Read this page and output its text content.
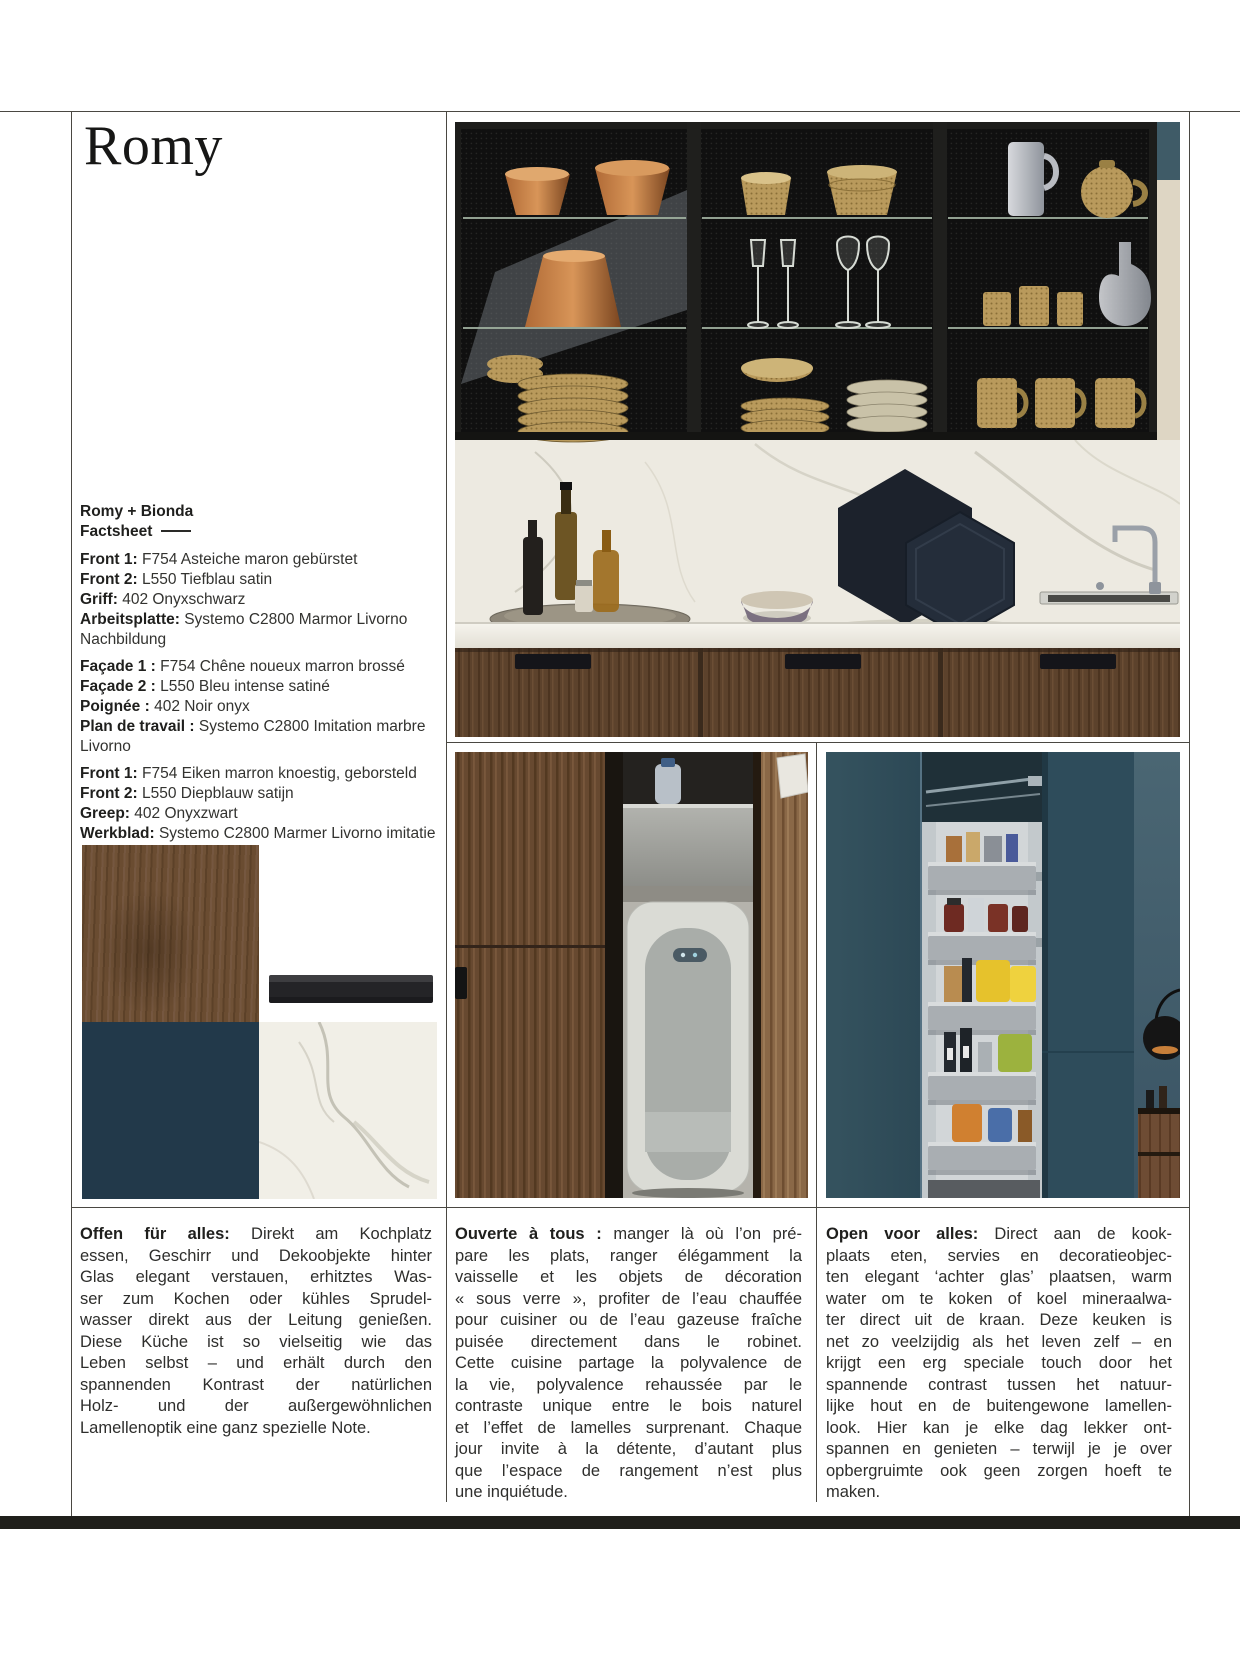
Romy
Romy + Bionda
Factsheet
Front 1: F754 Asteiche maron gebürstet
Front 2: L550 Tiefblau satin
Griff: 402 Onyxschwarz
Arbeitsplatte: Systemo C2800 Marmor Livorno Nachbildung
Façade 1 : F754 Chêne noueux marron brossé
Façade 2 : L550 Bleu intense satiné
Poignée : 402 Noir onyx
Plan de travail : Systemo C2800 Imitation marbre Livorno
Front 1: F754 Eiken marron knoestig, geborsteld
Front 2: L550 Diepblauw satijn
Greep: 402 Onyxzwart
Werkblad: Systemo C2800 Marmer Livorno imitatie
Offen für alles: Direkt am Kochplatz
essen, Geschirr und Dekoobjekte hinter
Glas elegant verstauen, erhitztes Was-
ser zum Kochen oder kühles Sprudel-
wasser direkt aus der Leitung genießen.
Diese Küche ist so vielseitig wie das
Leben selbst – und erhält durch den
spannenden Kontrast der natürlichen
Holz- und der außergewöhnlichen
Lamellenoptik eine ganz spezielle Note.
Ouverte à tous : manger là où l’on pré-
pare les plats, ranger élégamment la
vaisselle et les objets de décoration
« sous verre », profiter de l’eau chauffée
pour cuisiner ou de l’eau gazeuse fraîche
puisée directement dans le robinet.
Cette cuisine partage la polyvalence de
la vie, polyvalence rehaussée par le
contraste unique entre le bois naturel
et l’effet de lamelles surprenant. Chaque
jour invite à la détente, d’autant plus
que l’espace de rangement n’est plus
une inquiétude.
Open voor alles: Direct aan de kook-
plaats eten, servies en decoratieobjec-
ten elegant ‘achter glas’ plaatsen, warm
water om te koken of koel mineraalwa-
ter direct uit de kraan. Deze keuken is
net zo veelzijdig als het leven zelf – en
krijgt een erg speciale touch door het
spannende contrast tussen het natuur-
lijke hout en de buitengewone lamellen-
look. Hier kan je elke dag lekker ont-
spannen en genieten – terwijl je je over
opbergruimte ook geen zorgen hoeft te
maken.
